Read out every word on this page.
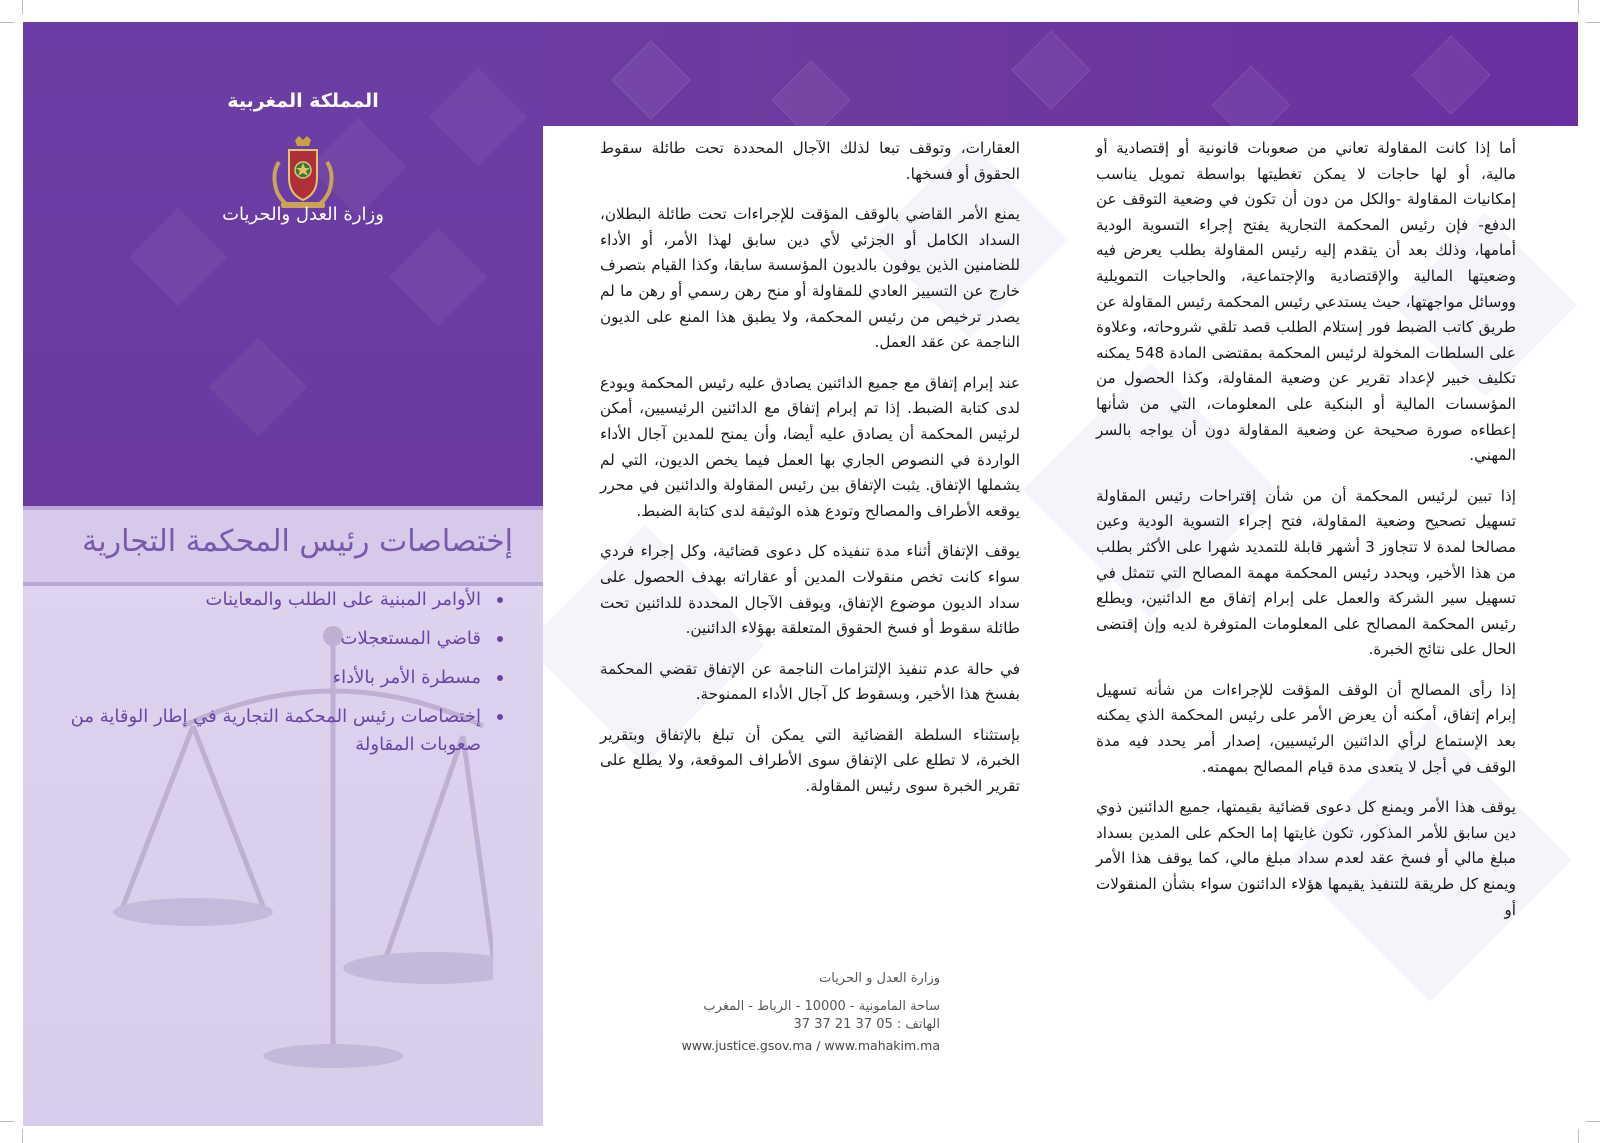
المملكة المغربية
وزارة العدل والحريات
إختصاصات رئيس المحكمة التجارية
الأوامر المبنية على الطلب والمعاينات
قاضي المستعجلات
مسطرة الأمر بالأداء
إختصاصات رئيس المحكمة التجارية في إطار الوقاية من صعوبات المقاولة

العقارات، وتوقف تبعا لذلك الآجال المحددة تحت طائلة سقوط الحقوق أو فسخها.

يمنع الأمر القاضي بالوقف المؤقت للإجراءات تحت طائلة البطلان، السداد الكامل أو الجزئي لأي دين سابق لهذا الأمر، أو الأداء للضامنين الذين يوفون بالديون المؤسسة سابقا، وكذا القيام بتصرف خارج عن التسيير العادي للمقاولة أو منح رهن رسمي أو رهن ما لم يصدر ترخيص من رئيس المحكمة، ولا يطبق هذا المنع على الديون الناجمة عن عقد العمل.

عند إبرام إتفاق مع جميع الدائنين يصادق عليه رئيس المحكمة ويودع لدى كتابة الضبط. إذا تم إبرام إتفاق مع الدائنين الرئيسيين، أمكن لرئيس المحكمة أن يصادق عليه أيضا، وأن يمنح للمدين آجال الأداء الواردة في النصوص الجاري بها العمل فيما يخص الديون، التي لم يشملها الإتفاق. يثبت الإتفاق بين رئيس المقاولة والدائنين في محرر يوقعه الأطراف والمصالح وتودع هذه الوثيقة لدى كتابة الضبط.

يوقف الإتفاق أثناء مدة تنفيذه كل دعوى قضائية، وكل إجراء فردي سواء كانت تخص منقولات المدين أو عقاراته بهدف الحصول على سداد الديون موضوع الإتفاق، ويوقف الآجال المحددة للدائنين تحت طائلة سقوط أو فسخ الحقوق المتعلقة بهؤلاء الدائنين.

في حالة عدم تنفيذ الإلتزامات الناجمة عن الإتفاق تقضي المحكمة بفسخ هذا الأخير، وبسقوط كل آجال الأداء الممنوحة.

بإستثناء السلطة القضائية التي يمكن أن تبلغ بالإتفاق وبتقرير الخبرة، لا تطلع على الإتفاق سوى الأطراف الموقعة، ولا يطلع على تقرير الخبرة سوى رئيس المقاولة.

أما إذا كانت المقاولة تعاني من صعوبات قانونية أو إقتصادية أو مالية، أو لها حاجات لا يمكن تغطيتها بواسطة تمويل يناسب إمكانيات المقاولة -والكل من دون أن تكون في وضعية التوقف عن الدفع- فإن رئيس المحكمة التجارية يفتح إجراء التسوية الودية أمامها، وذلك بعد أن يتقدم إليه رئيس المقاولة بطلب يعرض فيه وضعيتها المالية والإقتصادية والإجتماعية، والحاجيات التمويلية ووسائل مواجهتها، حيث يستدعي رئيس المحكمة رئيس المقاولة عن طريق كاتب الضبط فور إستلام الطلب قصد تلقي شروحاته، وعلاوة على السلطات المخولة لرئيس المحكمة بمقتضى المادة 548 يمكنه تكليف خبير لإعداد تقرير عن وضعية المقاولة، وكذا الحصول من المؤسسات المالية أو البنكية على المعلومات، التي من شأنها إعطاءه صورة صحيحة عن وضعية المقاولة دون أن يواجه بالسر المهني.

إذا تبين لرئيس المحكمة أن من شأن إقتراحات رئيس المقاولة تسهيل تصحيح وضعية المقاولة، فتح إجراء التسوية الودية وعين مصالحا لمدة لا تتجاوز 3 أشهر قابلة للتمديد شهرا على الأكثر بطلب من هذا الأخير، ويحدد رئيس المحكمة مهمة المصالح التي تتمثل في تسهيل سير الشركة والعمل على إبرام إتفاق مع الدائنين، ويطلع رئيس المحكمة المصالح على المعلومات المتوفرة لديه وإن إقتضى الحال على نتائج الخبرة.

إذا رأى المصالح أن الوقف المؤقت للإجراءات من شأنه تسهيل إبرام إتفاق، أمكنه أن يعرض الأمر على رئيس المحكمة الذي يمكنه بعد الإستماع لرأي الدائنين الرئيسيين، إصدار أمر يحدد فيه مدة الوقف في أجل لا يتعدى مدة قيام المصالح بمهمته.

يوقف هذا الأمر ويمنع كل دعوى قضائية بقيمتها، جميع الدائنين ذوي دين سابق للأمر المذكور، تكون غايتها إما الحكم على المدين بسداد مبلغ مالي أو فسخ عقد لعدم سداد مبلغ مالي، كما يوقف هذا الأمر ويمنع كل طريقة للتنفيذ يقيمها هؤلاء الدائنون سواء بشأن المنقولات أو

وزارة العدل و الحريات
ساحة المامونية - 10000 - الرباط - المغرب
الهاتف : 05 37 21 37 37
www.justice.gsov.ma / www.mahakim.ma
